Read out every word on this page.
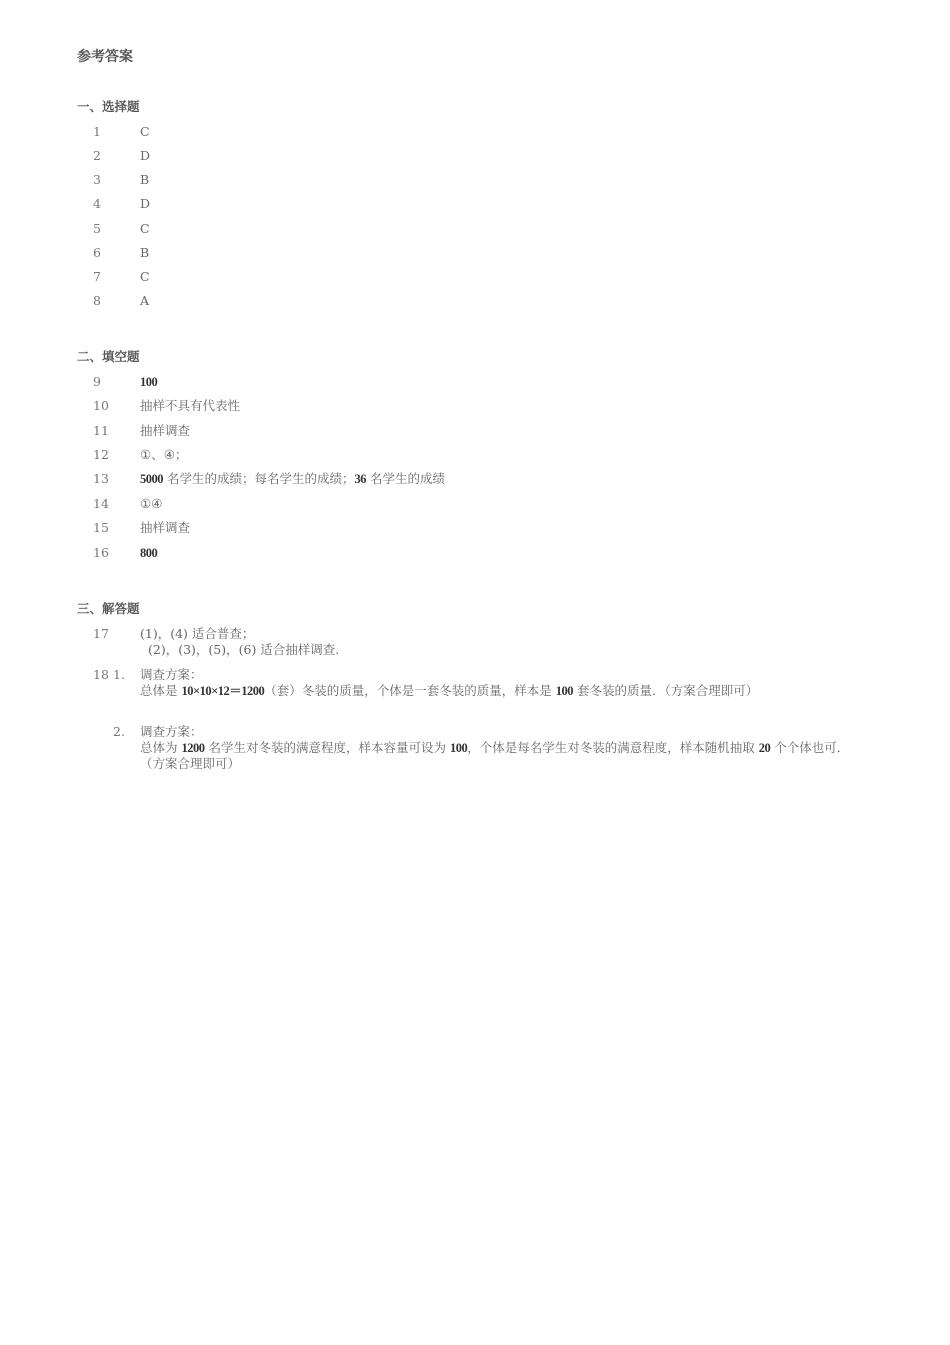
参考答案
一、选择题
1	C
2	D
3	B
4	D
5	C
6	B
7	C
8	A
二、填空题
9	100
10 抽样不具有代表性
11 抽样调查
12 ①、④；
13 5000 名学生的成绩；每名学生的成绩；36 名学生的成绩
14 ①④
15 抽样调查
16 800
三、解答题
17 (1)，(4) 适合普查；
(2)，(3)，(5)，(6) 适合抽样调查.
18 1. 调查方案：
总体是 10×10×12＝1200（套）冬装的质量，个体是一套冬装的质量，样本是 100 套冬装的质量．（方案合理即可）
2. 调查方案：
总体为 1200 名学生对冬装的满意程度，样本容量可设为 100，个体是每名学生对冬装的满意程度，样本随机抽取 20 个个体也可．（方案合理即可）
